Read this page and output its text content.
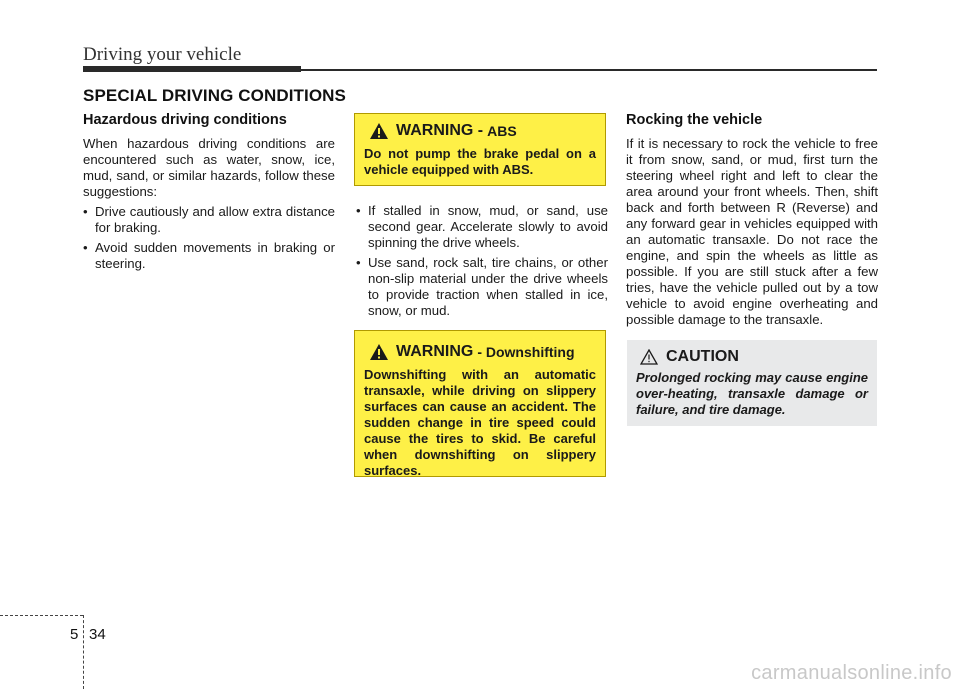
Driving your vehicle
SPECIAL DRIVING CONDITIONS
Hazardous driving conditions

When hazardous driving conditions are encountered such as water, snow, ice, mud, sand, or similar hazards, follow these suggestions:

• Drive cautiously and allow extra distance for braking.
• Avoid sudden movements in braking or steering.
WARNING - ABS
Do not pump the brake pedal on a vehicle equipped with ABS.
• If stalled in snow, mud, or sand, use second gear. Accelerate slowly to avoid spinning the drive wheels.
• Use sand, rock salt, tire chains, or other non-slip material under the drive wheels to provide traction when stalled in ice, snow, or mud.
WARNING - Downshifting
Downshifting with an automatic transaxle, while driving on slippery surfaces can cause an accident. The sudden change in tire speed could cause the tires to skid. Be careful when downshifting on slippery surfaces.
Rocking the vehicle

If it is necessary to rock the vehicle to free it from snow, sand, or mud, first turn the steering wheel right and left to clear the area around your front wheels. Then, shift back and forth between R (Reverse) and any forward gear in vehicles equipped with an automatic transaxle. Do not race the engine, and spin the wheels as little as possible. If you are still stuck after a few tries, have the vehicle pulled out by a tow vehicle to avoid engine overheating and possible damage to the transaxle.

CAUTION
Prolonged rocking may cause engine over-heating, transaxle damage or failure, and tire damage.
5 34
carmanualsonline.info
